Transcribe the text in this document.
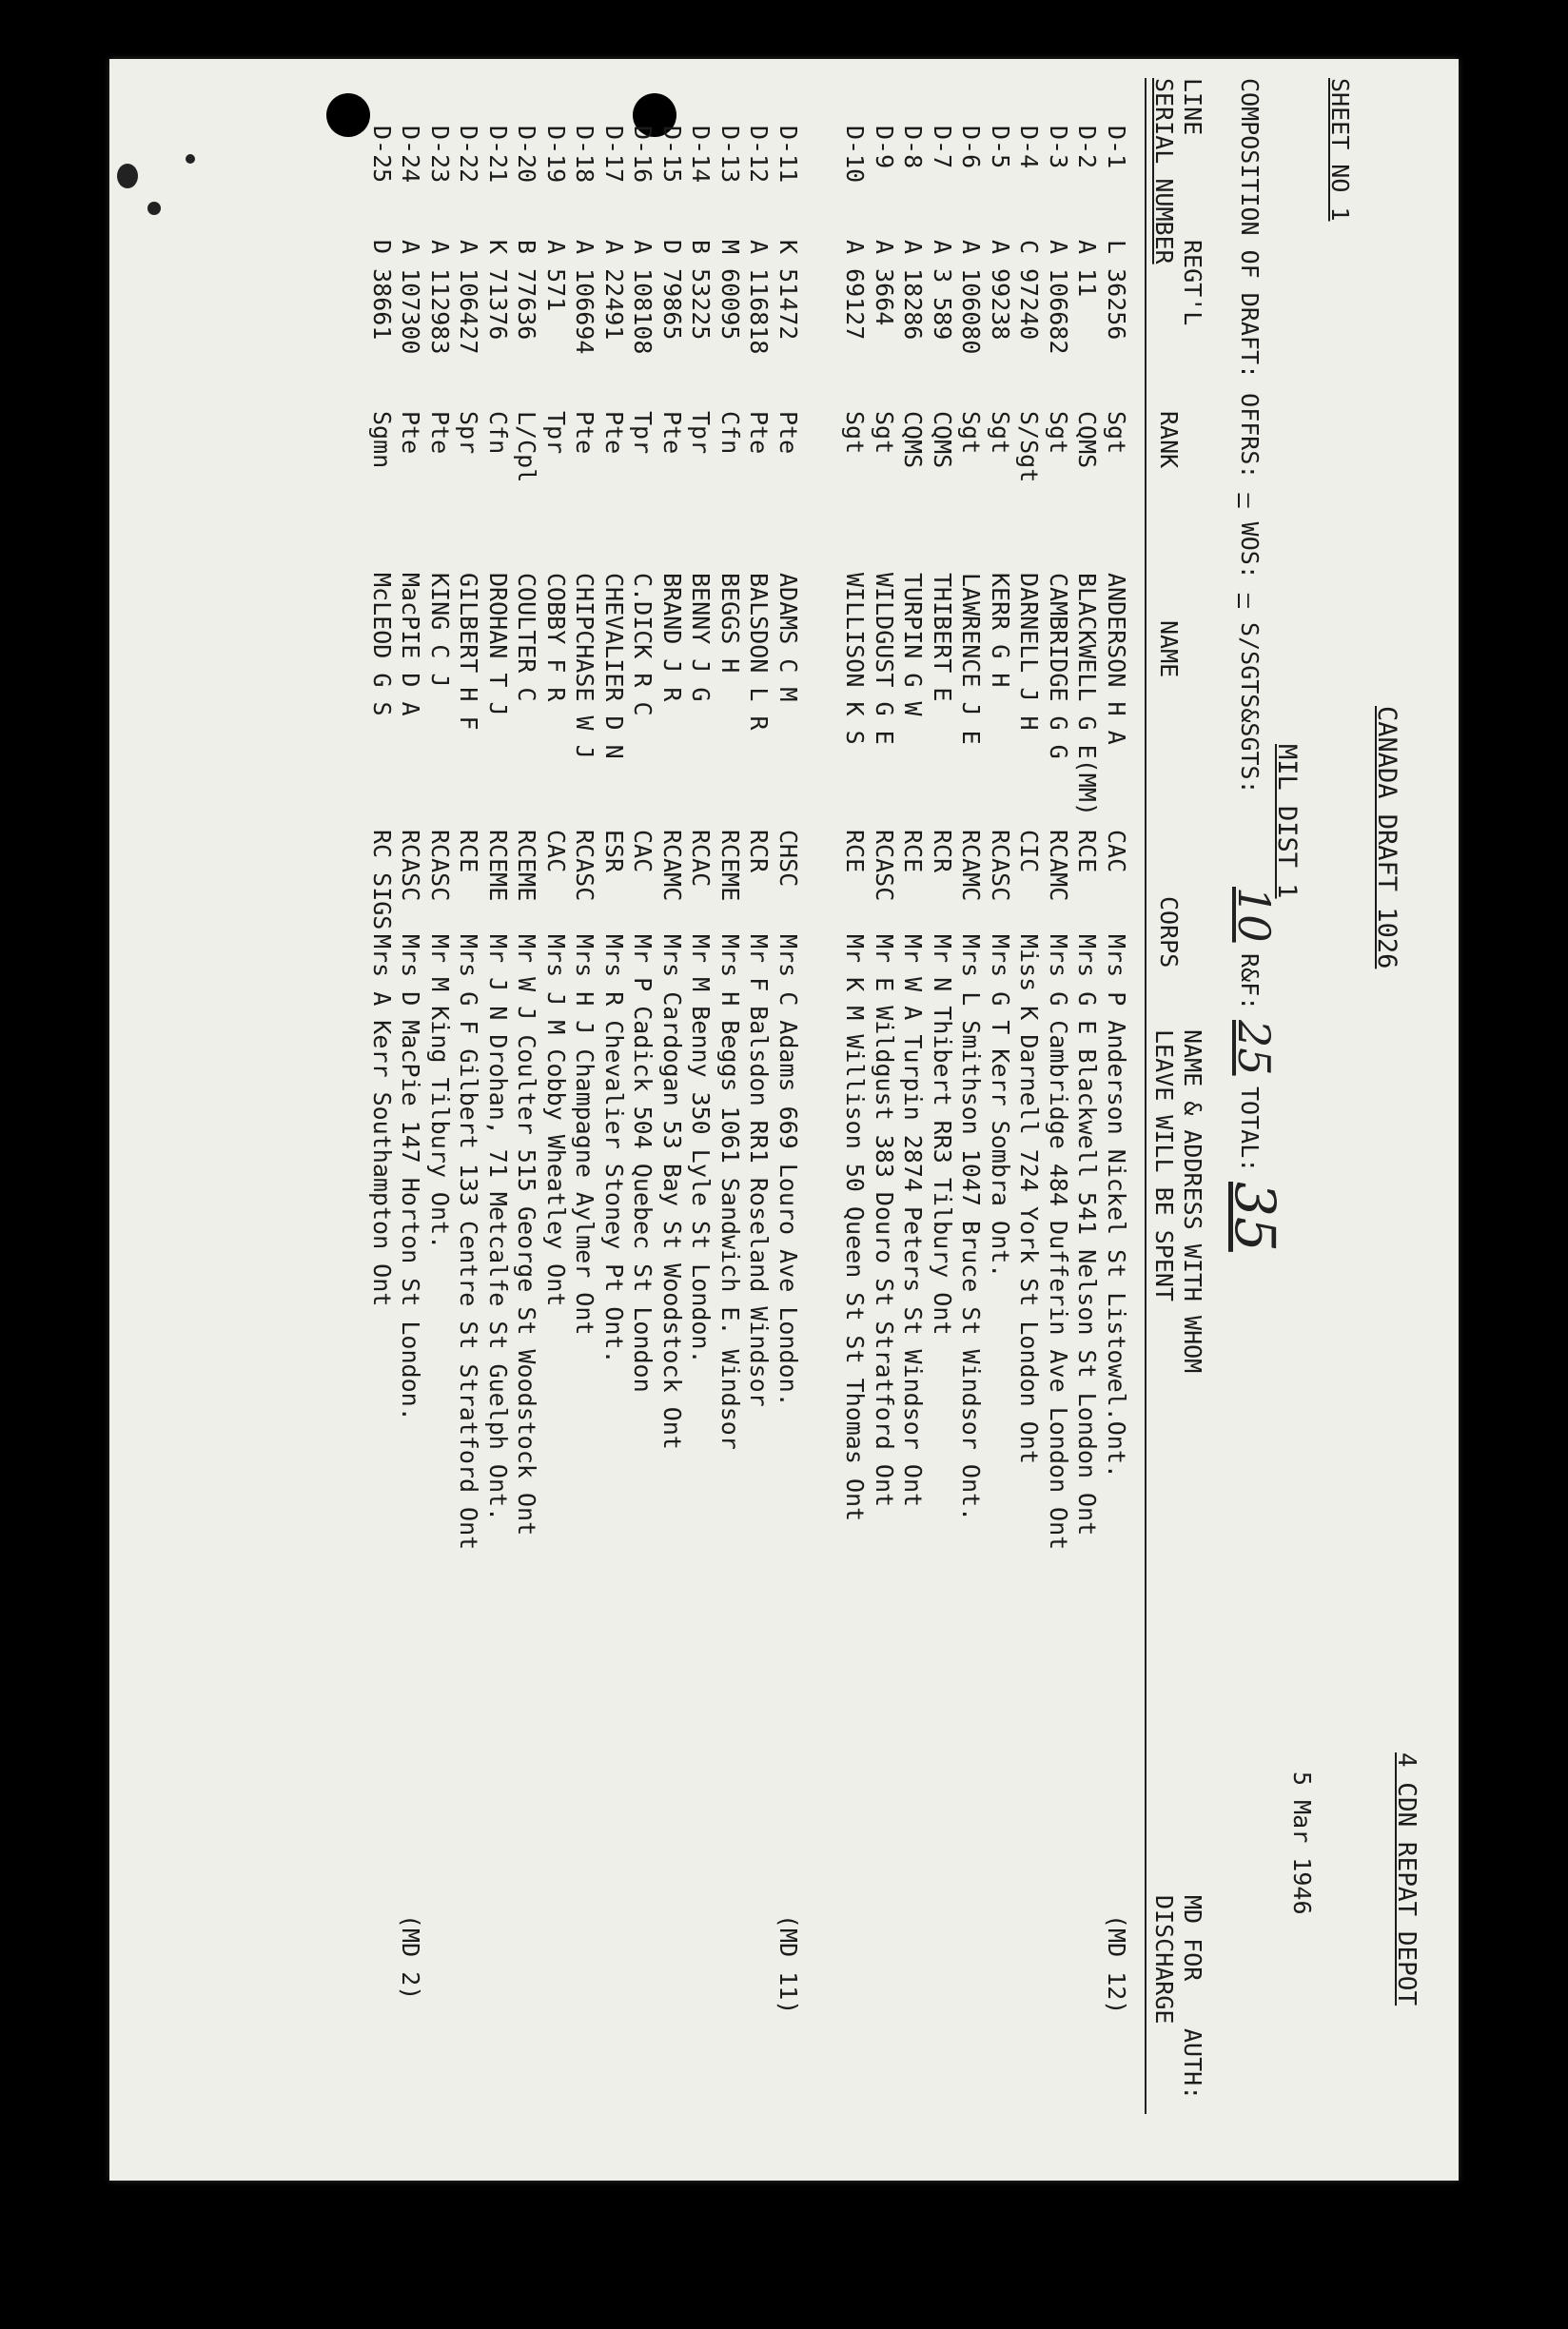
4 CDN REPAT DEPOT
5 Mar 1946
SHEET NO 1
CANADA DRAFT 1026
MIL DIST 1
COMPOSITION OF DRAFT: OFFRS: — WOS: — S/SGTS&SGTS:
10
R&F:
25
TOTAL:
35
LINE
REGT'L
SERIAL NUMBER
RANK
NAME
CORPS
NAME & ADDRESS WITH WHOM
LEAVE WILL BE SPENT
MD FOR
DISCHARGE
AUTH:
D-1
L 36256
Sgt
ANDERSON H A
CAC
Mrs P Anderson Nickel St Listowel.Ont.
(MD 12)
D-2
A 11
CQMS
BLACKWELL G E(MM)
RCE
Mrs G E Blackwell 541 Nelson St London Ont
D-3
A 106682
Sgt
CAMBRIDGE G G
RCAMC
Mrs G Cambridge 484 Dufferin Ave London Ont
D-4
C 97240
S/Sgt
DARNELL J H
CIC
Miss K Darnell 724 York St London Ont
D-5
A 99238
Sgt
KERR G H
RCASC
Mrs G T Kerr Sombra Ont.
D-6
A 106080
Sgt
LAWRENCE J E
RCAMC
Mrs L Smithson 1047 Bruce St Windsor Ont.
D-7
A 3 589
CQMS
THIBERT E
RCR
Mr N Thibert RR3 Tilbury Ont
D-8
A 18286
CQMS
TURPIN G W
RCE
Mr W A Turpin 2874 Peters St Windsor Ont
D-9
A 3664
Sgt
WILDGUST G E
RCASC
Mr E Wildgust 383 Douro St Stratford Ont
D-10
A 69127
Sgt
WILLISON K S
RCE
Mr K M Willison 50 Queen St St Thomas Ont
D-11
K 51472
Pte
ADAMS C M
CHSC
Mrs C Adams 669 Louro Ave London.
(MD 11)
D-12
A 116818
Pte
BALSDON L R
RCR
Mr F Balsdon RR1 Roseland Windsor
D-13
M 60095
Cfn
BEGGS H
RCEME
Mrs H Beggs 1061 Sandwich E. Windsor
D-14
B 53225
Tpr
BENNY J G
RCAC
Mr M Benny 350 Lyle St London.
D-15
D 79865
Pte
BRAND J R
RCAMC
Mrs Cardogan 53 Bay St Woodstock Ont
D-16
A 108108
Tpr
C.DICK R C
CAC
Mr P Cadick 504 Quebec St London
D-17
A 22491
Pte
CHEVALIER D N
ESR
Mrs R Chevalier Stoney Pt Ont.
D-18
A 106694
Pte
CHIPCHASE W J
RCASC
Mrs H J Champagne Aylmer Ont
D-19
A 571
Tpr
COBBY F R
CAC
Mrs J M Cobby Wheatley Ont
D-20
B 77636
L/Cpl
COULTER C
RCEME
Mr W J Coulter 515 George St Woodstock Ont
D-21
K 71376
Cfn
DROHAN T J
RCEME
Mr J N Drohan, 71 Metcalfe St Guelph Ont.
D-22
A 106427
Spr
GILBERT H F
RCE
Mrs G F Gilbert 133 Centre St Stratford Ont
D-23
A 112983
Pte
KING C J
RCASC
Mr M King Tilbury Ont.
D-24
A 107300
Pte
MacPIE D A
RCASC
Mrs D MacPie 147 Horton St London.
(MD 2)
D-25
D 38661
Sgmn
McLEOD G S
RC SIGS
Mrs A Kerr Southampton Ont
